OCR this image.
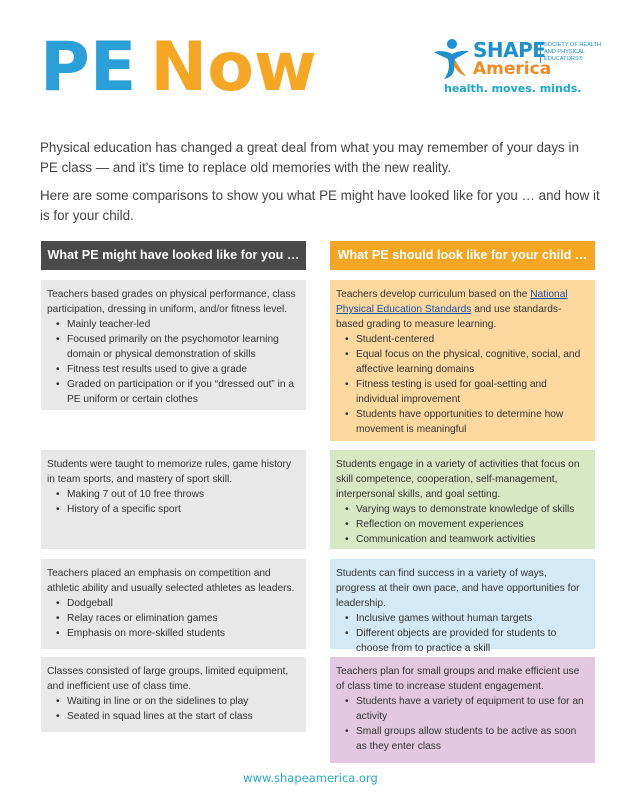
PE Now	SHAPE
America
SOCIETY OF HEALTH AND PHYSICAL EDUCATORS®
health. moves. minds.

Physical education has changed a great deal from what you may remember of your days in PE class — and it’s time to replace old memories with the new reality.

Here are some comparisons to show you what PE might have looked like for you … and how it is for your child.

What PE might have looked like for you …	What PE should look like for your child …
Teachers based grades on physical performance, class participation, dressing in uniform, and/or fitness level.
• Mainly teacher-led
• Focused primarily on the psychomotor learning domain or physical demonstration of skills
• Fitness test results used to give a grade
• Graded on participation or if you “dressed out” in a PE uniform or certain clothes
Teachers develop curriculum based on the National Physical Education Standards and use standards-based grading to measure learning.
• Student-centered
• Equal focus on the physical, cognitive, social, and affective learning domains
• Fitness testing is used for goal-setting and individual improvement
• Students have opportunities to determine how movement is meaningful
Students were taught to memorize rules, game history in team sports, and mastery of sport skill.
• Making 7 out of 10 free throws
• History of a specific sport
Students engage in a variety of activities that focus on skill competence, cooperation, self-management, interpersonal skills, and goal setting.
• Varying ways to demonstrate knowledge of skills
• Reflection on movement experiences
• Communication and teamwork activities
Teachers placed an emphasis on competition and athletic ability and usually selected athletes as leaders.
• Dodgeball
• Relay races or elimination games
• Emphasis on more-skilled students
Students can find success in a variety of ways, progress at their own pace, and have opportunities for leadership.
• Inclusive games without human targets
• Different objects are provided for students to choose from to practice a skill
Classes consisted of large groups, limited equipment, and inefficient use of class time.
• Waiting in line or on the sidelines to play
• Seated in squad lines at the start of class
Teachers plan for small groups and make efficient use of class time to increase student engagement.
• Students have a variety of equipment to use for an activity
• Small groups allow students to be active as soon as they enter class
www.shapeamerica.org
